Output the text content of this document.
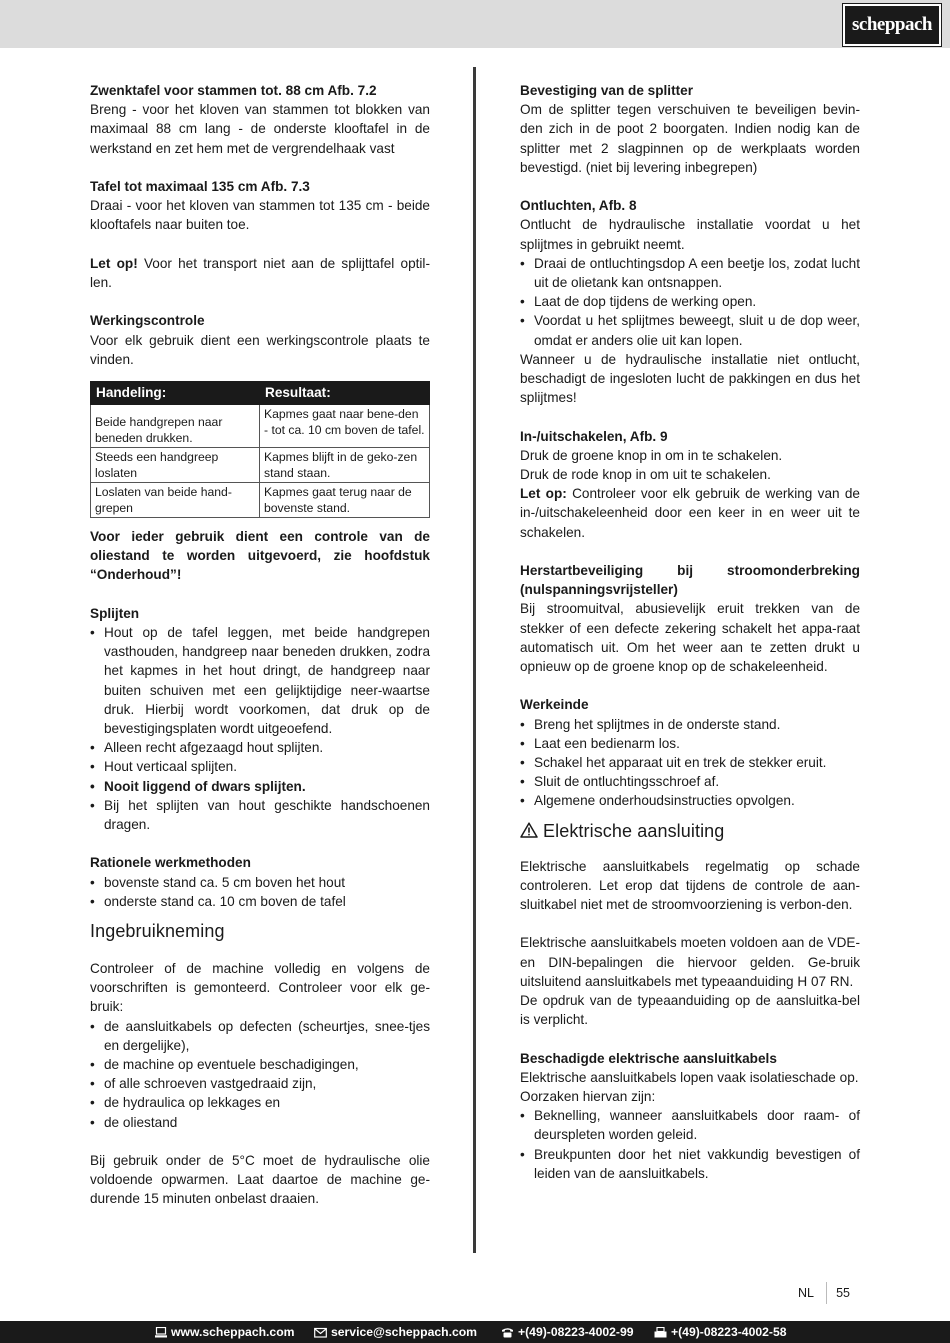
scheppach

Zwenktafel voor stammen tot. 88 cm Afb. 7.2

Breng - voor het kloven van stammen tot blokken van maximaal 88 cm lang - de onderste klooftafel in de werkstand en zet hem met de vergrendelhaak vast

Tafel tot maximaal 135 cm Afb. 7.3

Draai - voor het kloven van stammen tot 135 cm - beide klooftafels naar buiten toe.

Let op! Voor het transport niet aan de splijttafel optil-len.

Werkingscontrole

Voor elk gebruik dient een werkingscontrole plaats te vinden.

Handeling:	Resultaat:
Beide handgrepen naar beneden drukken.	Kapmes gaat naar bene-den - tot ca. 10 cm boven de tafel.
Steeds een handgreep loslaten	Kapmes blijft in de geko-zen stand staan.
Loslaten van beide hand-grepen	Kapmes gaat terug naar de bovenste stand.

Voor ieder gebruik dient een controle van de oliestand te worden uitgevoerd, zie hoofdstuk “Onderhoud”!

Splijten

• Hout op de tafel leggen, met beide handgrepen vasthouden, handgreep naar beneden drukken, zodra het kapmes in het hout dringt, de handgreep naar buiten schuiven met een gelijktijdige neer-waartse druk. Hierbij wordt voorkomen, dat druk op de bevestigingsplaten wordt uitgeoefend.
• Alleen recht afgezaagd hout splijten.
• Hout verticaal splijten.
• Nooit liggend of dwars splijten.
• Bij het splijten van hout geschikte handschoenen dragen.

Rationele werkmethoden

• bovenste stand ca. 5 cm boven het hout
• onderste stand ca. 10 cm boven de tafel
Ingebruikneming

Controleer of de machine volledig en volgens de voorschriften is gemonteerd. Controleer voor elk ge-bruik:

• de aansluitkabels op defecten (scheurtjes, snee-tjes en dergelijke),
• de machine op eventuele beschadigingen,
• of alle schroeven vastgedraaid zijn,
• de hydraulica op lekkages en
• de oliestand

Bij gebruik onder de 5°C moet de hydraulische olie voldoende opwarmen. Laat daartoe de machine ge-durende 15 minuten onbelast draaien.

Bevestiging van de splitter

Om de splitter tegen verschuiven te beveiligen bevin-den zich in de poot 2 boorgaten. Indien nodig kan de splitter met 2 slagpinnen op de werkplaats worden bevestigd. (niet bij levering inbegrepen)

Ontluchten, Afb. 8

Ontlucht de hydraulische installatie voordat u het splijtmes in gebruikt neemt.

• Draai de ontluchtingsdop A een beetje los, zodat lucht uit de olietank kan ontsnappen.
• Laat de dop tijdens de werking open.
• Voordat u het splijtmes beweegt, sluit u de dop weer, omdat er anders olie uit kan lopen.

Wanneer u de hydraulische installatie niet ontlucht, beschadigt de ingesloten lucht de pakkingen en dus het splijtmes!

In-/uitschakelen, Afb. 9

Druk de groene knop in om in te schakelen.

Druk de rode knop in om uit te schakelen.

Let op: Controleer voor elk gebruik de werking van de in-/uitschakeleenheid door een keer in en weer uit te schakelen.

Herstartbeveiliging bij stroomonderbreking (nulspanningsvrijsteller)

Bij stroomuitval, abusievelijk eruit trekken van de stekker of een defecte zekering schakelt het appa-raat automatisch uit. Om het weer aan te zetten drukt u opnieuw op de groene knop op de schakeleenheid.

Werkeinde

• Breng het splijtmes in de onderste stand.
• Laat een bedienarm los.
• Schakel het apparaat uit en trek de stekker eruit.
• Sluit de ontluchtingsschroef af.
• Algemene onderhoudsinstructies opvolgen.
Elektrische aansluiting

Elektrische aansluitkabels regelmatig op schade controleren. Let erop dat tijdens de controle de aan-sluitkabel niet met de stroomvoorziening is verbon-den.

Elektrische aansluitkabels moeten voldoen aan de VDE- en DIN-bepalingen die hiervoor gelden. Ge-bruik uitsluitend aansluitkabels met typeaanduiding H 07 RN.

De opdruk van de typeaanduiding op de aansluitka-bel is verplicht.

Beschadigde elektrische aansluitkabels

Elektrische aansluitkabels lopen vaak isolatieschade op.

Oorzaken hiervan zijn:

• Beknelling, wanneer aansluitkabels door raam- of deurspleten worden geleid.
• Breukpunten door het niet vakkundig bevestigen of leiden van de aansluitkabels.
NL 55
www.scheppach.com	service@scheppach.com	+(49)-08223-4002-99	+(49)-08223-4002-58
